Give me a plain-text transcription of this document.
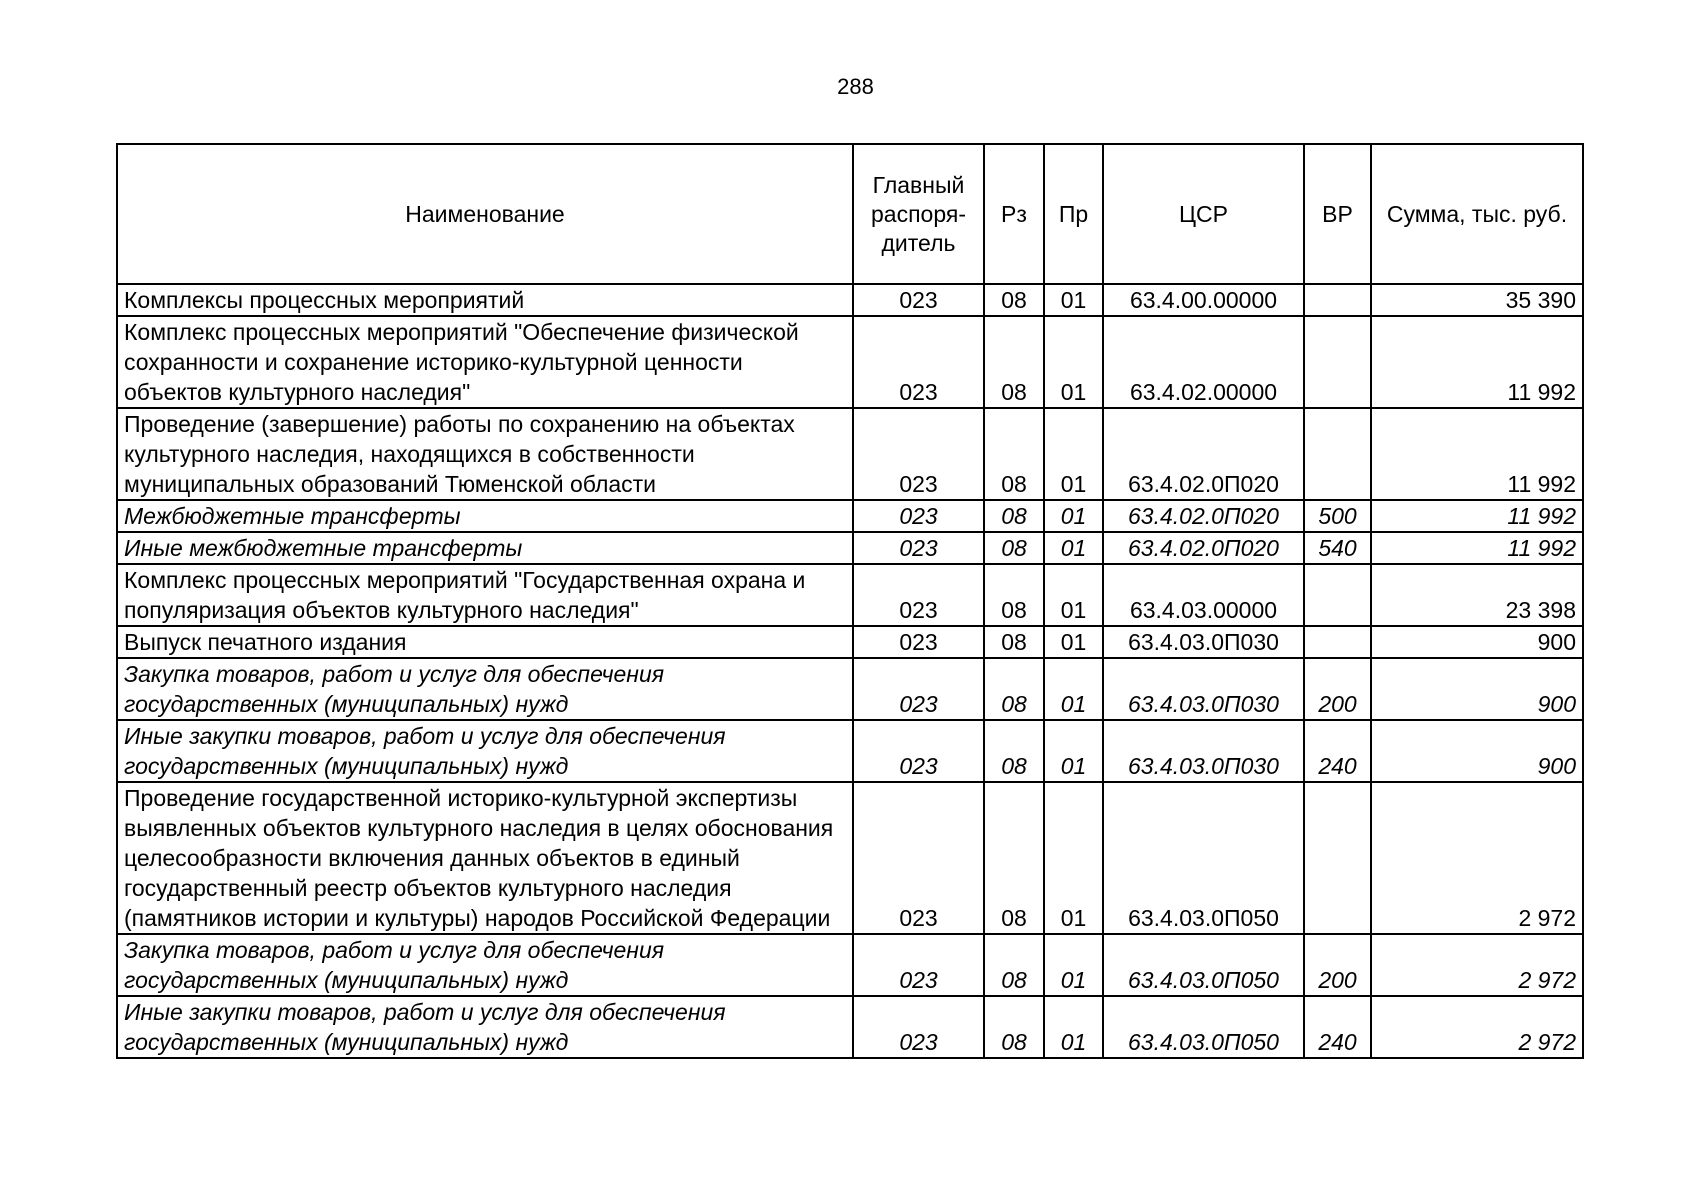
288
Наименование	Главный распоря-дитель	Рз	Пр	ЦСР	ВР	Сумма, тыс. руб.
Комплексы процессных мероприятий	023	08	01	63.4.00.00000		35 390
Комплекс процессных мероприятий "Обеспечение физической сохранности и сохранение историко-культурной ценности объектов культурного наследия"	023	08	01	63.4.02.00000		11 992
Проведение (завершение) работы по сохранению на объектах культурного наследия, находящихся в собственности муниципальных образований Тюменской области	023	08	01	63.4.02.0П020		11 992
Межбюджетные трансферты	023	08	01	63.4.02.0П020	500	11 992
Иные межбюджетные трансферты	023	08	01	63.4.02.0П020	540	11 992
Комплекс процессных мероприятий "Государственная охрана и популяризация объектов культурного наследия"	023	08	01	63.4.03.00000		23 398
Выпуск печатного издания	023	08	01	63.4.03.0П030		900
Закупка товаров, работ и услуг для обеспечения государственных (муниципальных) нужд	023	08	01	63.4.03.0П030	200	900
Иные закупки товаров, работ и услуг для обеспечения государственных (муниципальных) нужд	023	08	01	63.4.03.0П030	240	900
Проведение государственной историко-культурной экспертизы выявленных объектов культурного наследия в целях обоснования целесообразности включения данных объектов в единый государственный реестр объектов культурного наследия (памятников истории и культуры) народов Российской Федерации	023	08	01	63.4.03.0П050		2 972
Закупка товаров, работ и услуг для обеспечения государственных (муниципальных) нужд	023	08	01	63.4.03.0П050	200	2 972
Иные закупки товаров, работ и услуг для обеспечения государственных (муниципальных) нужд	023	08	01	63.4.03.0П050	240	2 972
